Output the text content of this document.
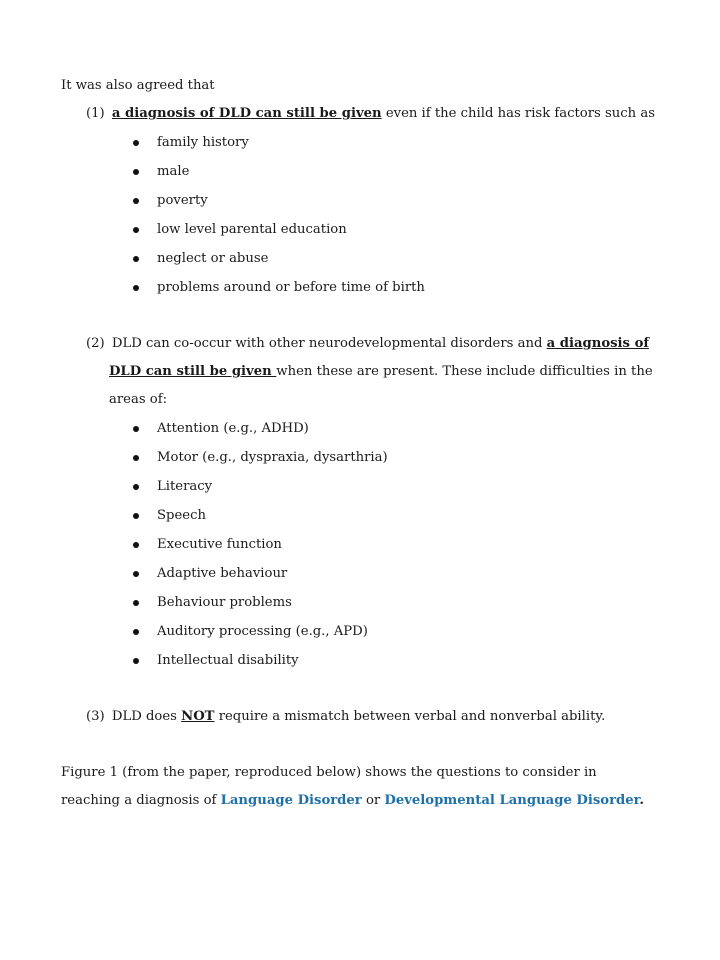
It was also agreed that
(1) a diagnosis of DLD can still be given even if the child has risk factors such as
family history
male
poverty
low level parental education
neglect or abuse
problems around or before time of birth
(2) DLD can co-occur with other neurodevelopmental disorders and a diagnosis of
DLD can still be given when these are present. These include difficulties in the
areas of:
Attention (e.g., ADHD)
Motor (e.g., dyspraxia, dysarthria)
Literacy
Speech
Executive function
Adaptive behaviour
Behaviour problems
Auditory processing (e.g., APD)
Intellectual disability
(3) DLD does NOT require a mismatch between verbal and nonverbal ability.
Figure 1 (from the paper, reproduced below) shows the questions to consider in
reaching a diagnosis of Language Disorder or Developmental Language Disorder.
